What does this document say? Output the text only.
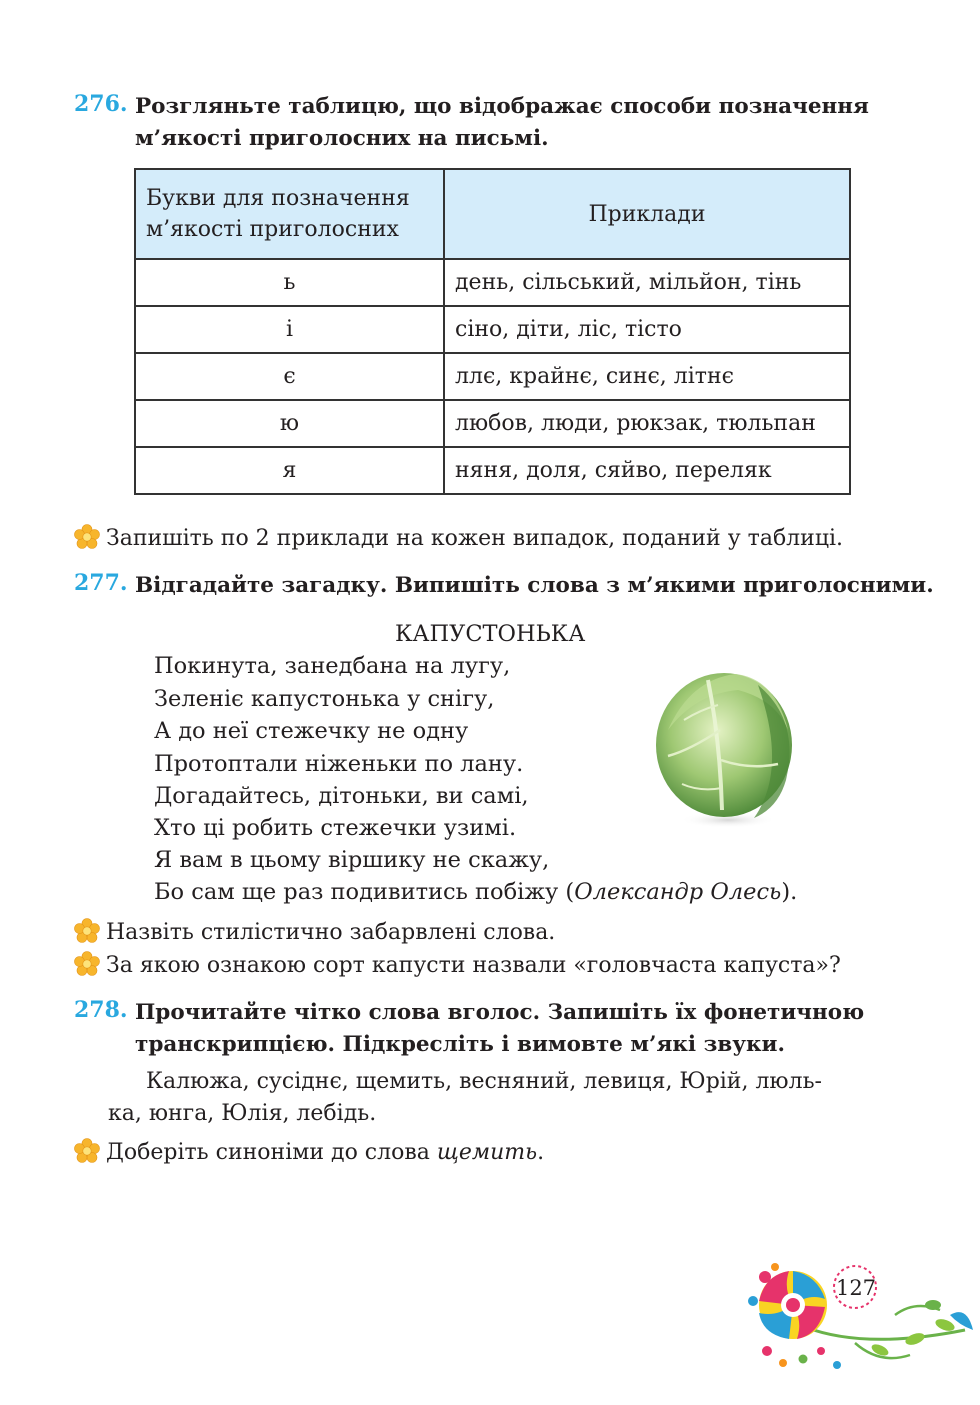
276. Розгляньте таблицю, що відображає способи позначення
м’якості приголосних на письмі.
Букви для позначення
м’якості приголосних	Приклади
ь	день, сільський, мільйон, тінь
і	сіно, діти, ліс, тісто
є	ллє, крайнє, синє, літнє
ю	любов, люди, рюкзак, тюльпан
я	няня, доля, сяйво, переляк
Запишіть по 2 приклади на кожен випадок, поданий у таблиці.
277. Відгадайте загадку. Випишіть слова з м’якими приголосними.
КАПУСТОНЬКА
Покинута, занедбана на лугу,
Зеленіє капустонька у снігу,
А до неї стежечку не одну
Протоптали ніженьки по лану.
Догадайтесь, дітоньки, ви самі,
Хто ці робить стежечки узимі.
Я вам в цьому віршику не скажу,
Бо сам ще раз подивитись побіжу (Олександр Олесь).
Назвіть стилістично забарвлені слова.
За якою ознакою сорт капусти назвали «головчаста капуста»?
278. Прочитайте чітко слова вголос. Запишіть їх фонетичною
транскрипцією. Підкресліть і вимовте м’які звуки.
Калюжа, сусіднє, щемить, весняний, левиця, Юрій, люль-
ка, юнга, Юлія, лебідь.
Доберіть синоніми до слова щемить.
127
